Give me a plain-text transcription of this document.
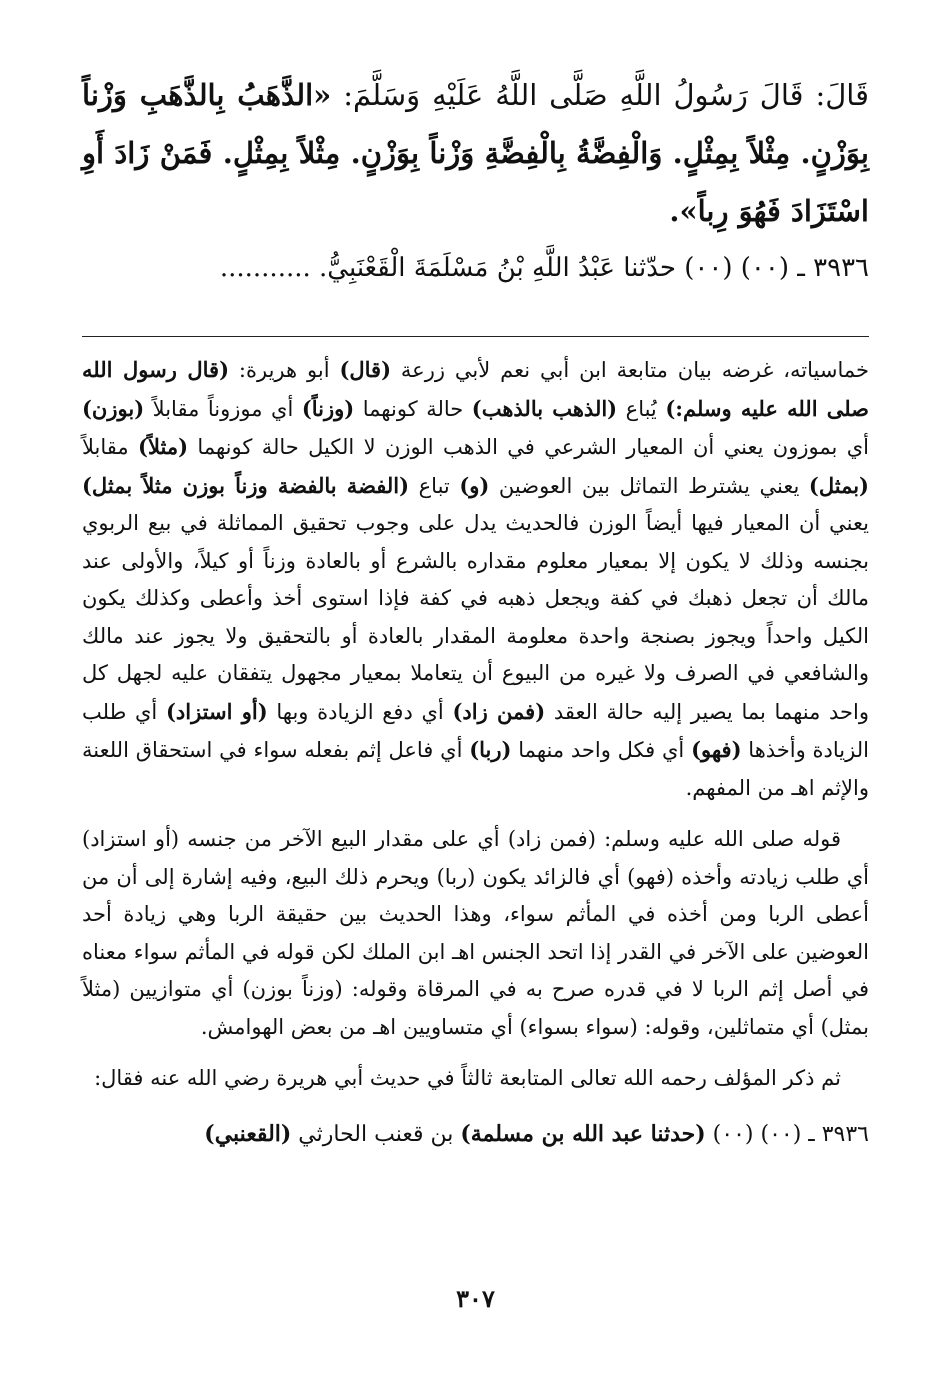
قَالَ: قَالَ رَسُولُ اللَّهِ صَلَّى اللَّهُ عَلَيْهِ وَسَلَّمَ: «الذَّهَبُ بِالذَّهَبِ وَزْناً بِوَزْنٍ. مِثْلاً بِمِثْلٍ. وَالْفِضَّةُ بِالْفِضَّةِ وَزْناً بِوَزْنٍ. مِثْلاً بِمِثْلٍ. فَمَنْ زَادَ أَوِ اسْتَزَادَ فَهُوَ رِباً».
٣٩٣٦ ـ (٠٠) (٠٠) حدّثنا عَبْدُ اللَّهِ بْنُ مَسْلَمَةَ الْقَعْنَبِيُّ. ...........

خماسياته، غرضه بيان متابعة ابن أبي نعم لأبي زرعة (قال) أبو هريرة: (قال رسول الله صلى الله عليه وسلم:) يُباع (الذهب بالذهب) حالة كونهما (وزناً) أي موزوناً مقابلاً (بوزن) أي بموزون يعني أن المعيار الشرعي في الذهب الوزن لا الكيل حالة كونهما (مثلاً) مقابلاً (بمثل) يعني يشترط التماثل بين العوضين (و) تباع (الفضة بالفضة وزناً بوزن مثلاً بمثل) يعني أن المعيار فيها أيضاً الوزن فالحديث يدل على وجوب تحقيق المماثلة في بيع الربوي بجنسه وذلك لا يكون إلا بمعيار معلوم مقداره بالشرع أو بالعادة وزناً أو كيلاً، والأولى عند مالك أن تجعل ذهبك في كفة ويجعل ذهبه في كفة فإذا استوى أخذ وأعطى وكذلك يكون الكيل واحداً ويجوز بصنجة واحدة معلومة المقدار بالعادة أو بالتحقيق ولا يجوز عند مالك والشافعي في الصرف ولا غيره من البيوع أن يتعاملا بمعيار مجهول يتفقان عليه لجهل كل واحد منهما بما يصير إليه حالة العقد (فمن زاد) أي دفع الزيادة وبها (أو استزاد) أي طلب الزيادة وأخذها (فهو) أي فكل واحد منهما (ربا) أي فاعل إثم بفعله سواء في استحقاق اللعنة والإثم اهـ من المفهم.

قوله صلى الله عليه وسلم: (فمن زاد) أي على مقدار البيع الآخر من جنسه (أو استزاد) أي طلب زيادته وأخذه (فهو) أي فالزائد يكون (ربا) ويحرم ذلك البيع، وفيه إشارة إلى أن من أعطى الربا ومن أخذه في المأثم سواء، وهذا الحديث بين حقيقة الربا وهي زيادة أحد العوضين على الآخر في القدر إذا اتحد الجنس اهـ ابن الملك لكن قوله في المأثم سواء معناه في أصل إثم الربا لا في قدره صرح به في المرقاة وقوله: (وزناً بوزن) أي متوازيين (مثلاً بمثل) أي متماثلين، وقوله: (سواء بسواء) أي متساويين اهـ من بعض الهوامش.

ثم ذكر المؤلف رحمه الله تعالى المتابعة ثالثاً في حديث أبي هريرة رضي الله عنه فقال:

٣٩٣٦ ـ (٠٠) (٠٠) (حدثنا عبد الله بن مسلمة) بن قعنب الحارثي (القعنبي)

٣٠٧
